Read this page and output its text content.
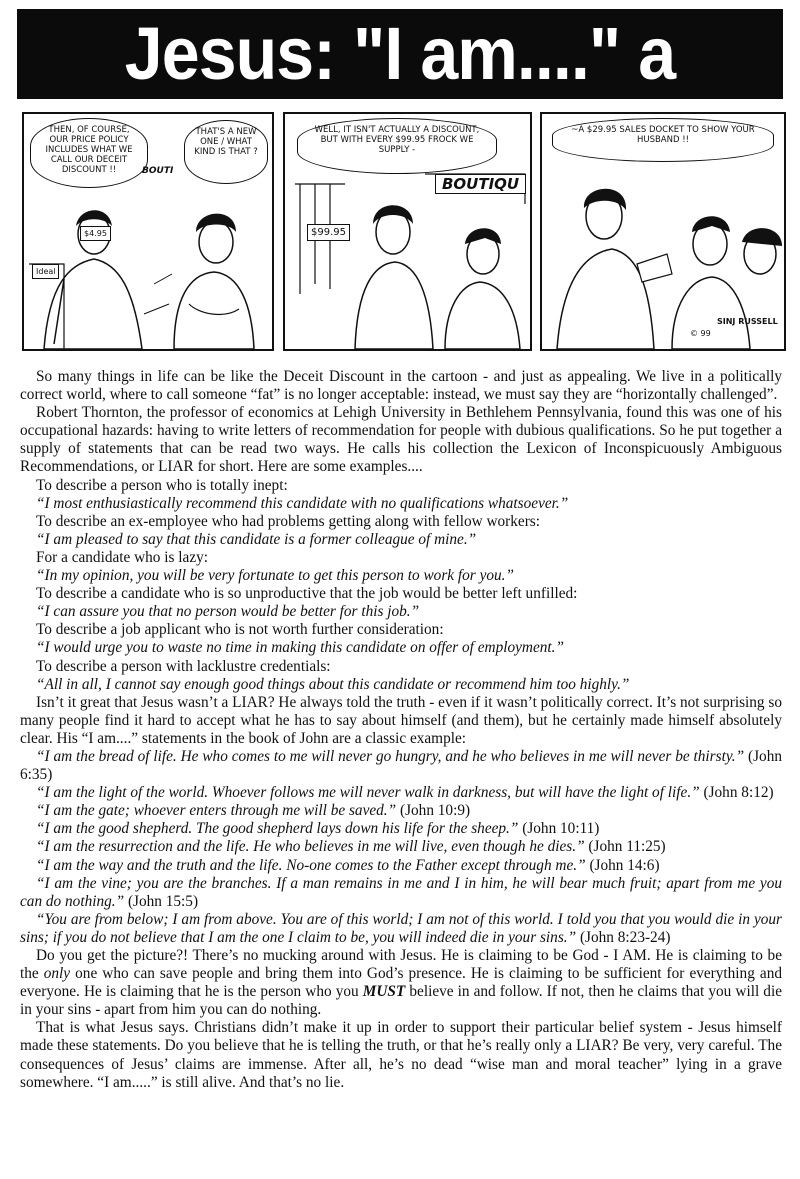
Jesus: "I am...." a
THEN, OF COURSE, OUR PRICE POLICY INCLUDES WHAT WE CALL OUR DECEIT DISCOUNT !!
THAT'S A NEW ONE / WHAT KIND IS THAT ?
BOUTI
$4.95
Ideal
WELL, IT ISN'T ACTUALLY A DISCOUNT, BUT WITH EVERY $99.95 FROCK WE SUPPLY -
BOUTIQU
$99.95
~A $29.95 SALES DOCKET TO SHOW YOUR HUSBAND !!
SINJ RUSSELL
© 99

So many things in life can be like the Deceit Discount in the cartoon - and just as appealing. We live in a politically correct world, where to call someone “fat” is no longer acceptable: instead, we must say they are “horizontally challenged”.

Robert Thornton, the professor of economics at Lehigh University in Bethlehem Pennsylvania, found this was one of his occupational hazards: having to write letters of recommendation for people with dubious qualifications. So he put together a supply of statements that can be read two ways. He calls his collection the Lexicon of Inconspicuously Ambiguous Recommendations, or LIAR for short. Here are some examples....

To describe a person who is totally inept:

“I most enthusiastically recommend this candidate with no qualifications whatsoever.”

To describe an ex-employee who had problems getting along with fellow workers:

“I am pleased to say that this candidate is a former colleague of mine.”

For a candidate who is lazy:

“In my opinion, you will be very fortunate to get this person to work for you.”

To describe a candidate who is so unproductive that the job would be better left unfilled:

“I can assure you that no person would be better for this job.”

To describe a job applicant who is not worth further consideration:

“I would urge you to waste no time in making this candidate on offer of employment.”

To describe a person with lacklustre credentials:

“All in all, I cannot say enough good things about this candidate or recommend him too highly.”

Isn’t it great that Jesus wasn’t a LIAR? He always told the truth - even if it wasn’t politically correct. It’s not surprising so many people find it hard to accept what he has to say about himself (and them), but he certainly made himself absolutely clear. His “I am....” statements in the book of John are a classic example:

“I am the bread of life. He who comes to me will never go hungry, and he who believes in me will never be thirsty.” (John 6:35)

“I am the light of the world. Whoever follows me will never walk in darkness, but will have the light of life.” (John 8:12)

“I am the gate; whoever enters through me will be saved.” (John 10:9)

“I am the good shepherd. The good shepherd lays down his life for the sheep.” (John 10:11)

“I am the resurrection and the life. He who believes in me will live, even though he dies.” (John 11:25)

“I am the way and the truth and the life. No-one comes to the Father except through me.” (John 14:6)

“I am the vine; you are the branches. If a man remains in me and I in him, he will bear much fruit; apart from me you can do nothing.” (John 15:5)

“You are from below; I am from above. You are of this world; I am not of this world. I told you that you would die in your sins; if you do not believe that I am the one I claim to be, you will indeed die in your sins.” (John 8:23-24)

Do you get the picture?! There’s no mucking around with Jesus. He is claiming to be God - I AM. He is claiming to be the only one who can save people and bring them into God’s presence. He is claiming to be sufficient for everything and everyone. He is claiming that he is the person who you MUST believe in and follow. If not, then he claims that you will die in your sins - apart from him you can do nothing.

That is what Jesus says. Christians didn’t make it up in order to support their particular belief system - Jesus himself made these statements. Do you believe that he is telling the truth, or that he’s really only a LIAR? Be very, very careful. The consequences of Jesus’ claims are immense. After all, he’s no dead “wise man and moral teacher” lying in a grave somewhere. “I am.....” is still alive. And that’s no lie.
